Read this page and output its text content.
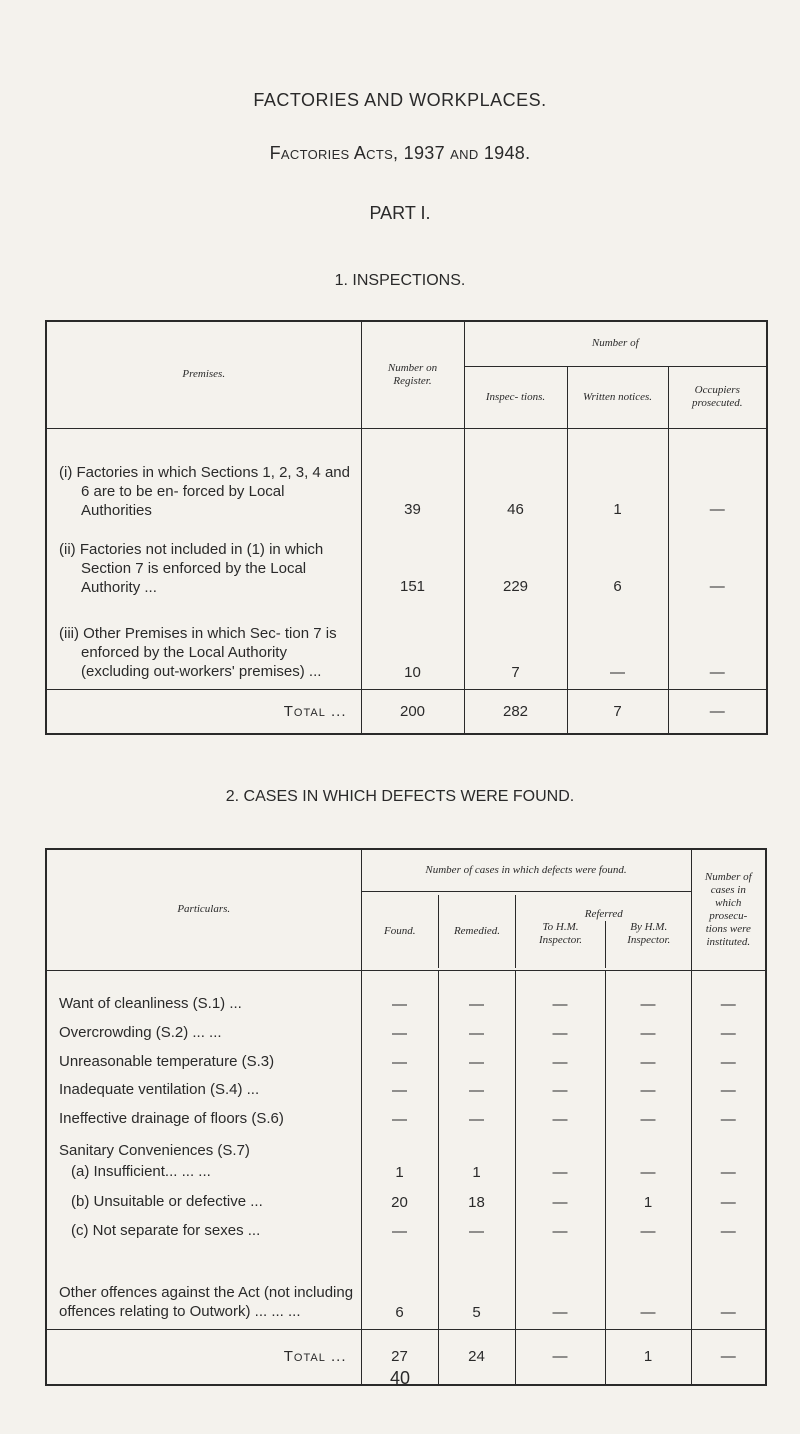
FACTORIES AND WORKPLACES.
Factories Acts, 1937 and 1948.
PART I.
1. INSPECTIONS.
Premises.	Number on Register.	Number of		
		Inspec- tions.	Written notices.	Occupiers prosecuted.

(i) Factories in which Sections 1, 2, 3, 4 and 6 are to be en- forced by Local Authorities	39	46	1	—

(ii) Factories not included in (1) in which Section 7 is enforced by the Local Authority ...	151	229	6	—

(iii) Other Premises in which Sec- tion 7 is enforced by the Local Authority (excluding out-workers' premises) ...	10	7	—	—
Total ...	200	282	7	—
2. CASES IN WHICH DEFECTS WERE FOUND.
Particulars.	Number of cases in which defects were found.	Number of cases in which prosecu- tions were instituted.

Found.	Remedied.	Referred
To H.M. Inspector.	By H.M. Inspector.

Want of cleanliness (S.1) ...	—	—	—	—	—
Overcrowding (S.2) ... ...	—	—	—	—	—
Unreasonable temperature (S.3)	—	—	—	—	—
Inadequate ventilation (S.4) ...	—	—	—	—	—
Ineffective drainage of floors (S.6)	—	—	—	—	—
Sanitary Conveniences (S.7)					
(a) Insufficient... ... ...	1	1	—	—	—
(b) Unsuitable or defective ...	20	18	—	1	—
(c) Not separate for sexes ...	—	—	—	—	—
Other offences against the Act (not including offences relating to Outwork) ... ... ...	6	5	—	—	—
Total ...	27	24	—	1	—
40
